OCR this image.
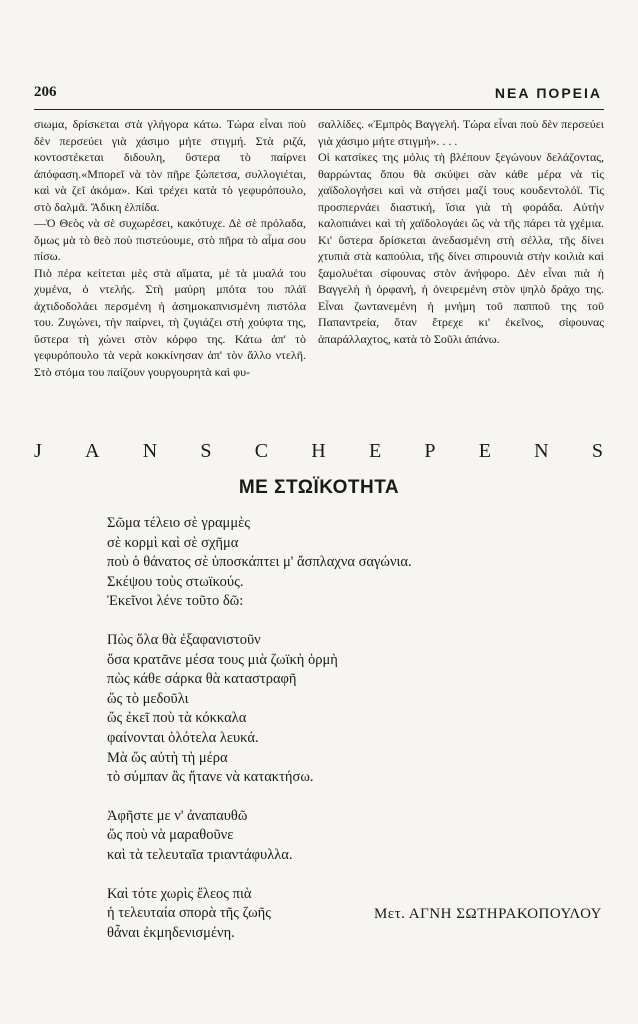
206	ΝΕΑ ΠΟΡΕΙΑ
σιωμα, δρίσκεται στὰ γλήγορα κάτω. Τώρα εἶναι ποὺ δὲν περσεύει γιὰ χάσιμο μήτε στιγμή. Στὰ ριζά, κοντοστέκεται διδουλη, ὕστερα τὸ παίρνει ἀπόφαση.«Μπορεῖ νὰ τὸν πῆρε ξώπετσα, συλλογιέται, καὶ νὰ ζεῖ ἀκόμα». Καὶ τρέχει κατὰ τὸ γεφυρόπουλο, στὸ δαλμᾶ. Ἄδικη ἐλπίδα.
—Ὁ Θεὸς νὰ σὲ συχωρέσει, κακότυχε. Δὲ σὲ πρόλαδα, ὅμως μὰ τὸ θεὸ ποὺ πιστεύουμε, στὸ πῆρα τὸ αἷμα σου πίσω.
Πιὸ πέρα κείτεται μὲς στὰ αἵματα, μὲ τὰ μυαλά του χυμένα, ὁ ντελής. Στὴ μαύρη μπότα του πλάϊ ἀχτιδοδολάει περσμένη ἡ ἀσημοκαπνισμένη πιστόλα του. Ζυγώνει, τὴν παίρνει, τὴ ζυγιάζει στὴ χούφτα της, ὕστερα τὴ χώνει στὸν κόρφο της. Κάτω ἀπ' τὸ γεφυρόπουλο τὰ νερὰ κοκκίνησαν ἀπ' τὸν ἄλλο ντελῆ. Στὸ στόμα του παίζουν γουργουρητὰ καὶ φυ-
σαλλίδες. «Ἐμπρὸς Βαγγελή. Τώρα εἶναι ποὺ δὲν περσεύει γιὰ χάσιμο μήτε στιγμή». . . .
Οἱ κατσίκες της μόλις τὴ βλέπουν ξεγώνουν δελάζοντας, θαρρώντας ὅπου θὰ σκύψει σὰν κάθε μέρα νὰ τὶς χαϊδολογήσει καὶ νὰ στήσει μαζί τους κουδεντολόϊ. Τὶς προσπερνάει διαστική, ἴσια γιὰ τὴ φοράδα. Αὐτὴν καλοπιάνει καὶ τὴ χαϊδολογάει ὥς νὰ τῆς πάρει τὰ γχέμια. Κι' ὕστερα δρίσκεται ἀνεδασμένη στὴ σέλλα, τῆς δίνει χτυπιὰ στὰ καπούλια, τῆς δίνει σπιρουνιὰ στὴν κοιλιὰ καὶ ξαμολυέται σίφουνας στὸν ἀνήφορο. Δὲν εἶναι πιὰ ἡ Βαγγελὴ ἡ ὀρφανή, ἡ ὀνειρεμένη στὸν ψηλὸ δράχο της. Εἶναι ζωντανεμένη ἡ μνήμη τοῦ παπποῦ της τοῦ Παπαντρεία, ὅταν ἔτρεχε κι' ἐκεῖνος, σίφουνας ἀπαράλλαχτος, κατὰ τὸ Σοῦλι ἀπάνω.
J A N S C H E P E N S
ΜΕ ΣΤΩΪΚΟΤΗΤΑ
Σῶμα τέλειο σὲ γραμμὲς
σὲ κορμὶ καὶ σὲ σχῆμα
ποὺ ὁ θάνατος σὲ ὑποσκάπτει μ' ἄσπλαχνα σαγώνια.
Σκέψου τοὺς στωϊκούς.
Ἐκεῖνοι λένε τοῦτο δῶ:
Πὼς ὅλα θὰ ἐξαφανιστοῦν
ὅσα κρατᾶνε μέσα τους μιὰ ζωϊκὴ ὁρμὴ
πὼς κάθε σάρκα θὰ καταστραφῆ
ὥς τὸ μεδοῦλι
ὥς ἐκεῖ ποὺ τὰ κόκκαλα
φαίνονται ὁλότελα λευκά.
Μὰ ὥς αὐτὴ τὴ μέρα
τὸ σύμπαν ἂς ἤτανε νὰ κατακτήσω.
Ἀφῆστε με ν' ἀναπαυθῶ
ὥς ποὺ νὰ μαραθοῦνε
καὶ τὰ τελευταῖα τριαντάφυλλα.
Καὶ τότε χωρὶς ἔλεος πιὰ
ἡ τελευταία σπορὰ τῆς ζωῆς
θἆναι ἐκμηδενισμένη.
Μετ. ΑΓΝΗ ΣΩΤΗΡΑΚΟΠΟΥΛΟΥ
